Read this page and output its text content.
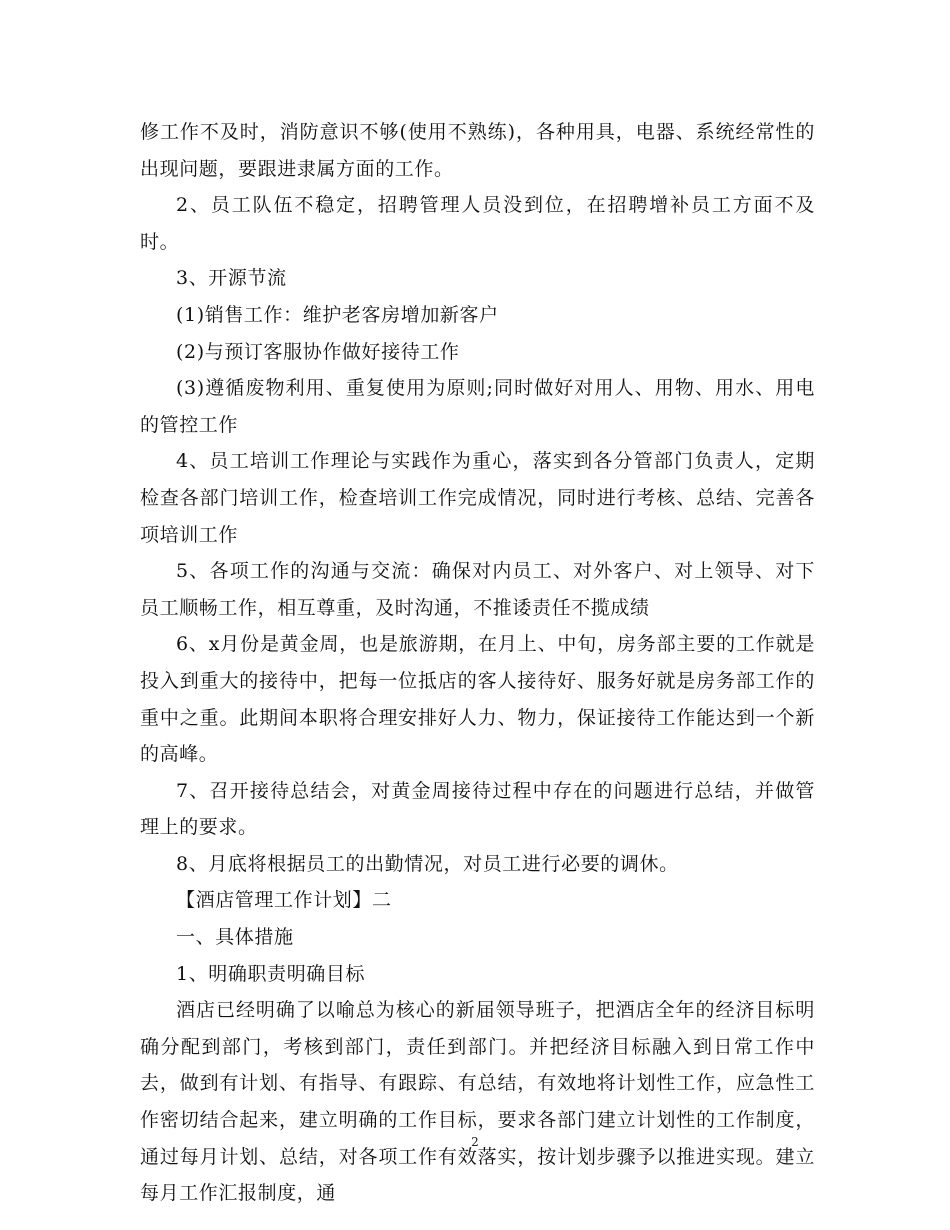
修工作不及时，消防意识不够(使用不熟练)，各种用具，电器、系统经常性的出现问题，要跟进隶属方面的工作。

2、员工队伍不稳定，招聘管理人员没到位，在招聘增补员工方面不及时。

3、开源节流

(1)销售工作：维护老客房增加新客户

(2)与预订客服协作做好接待工作

(3)遵循废物利用、重复使用为原则;同时做好对用人、用物、用水、用电的管控工作

4、员工培训工作理论与实践作为重心，落实到各分管部门负责人，定期检查各部门培训工作，检查培训工作完成情况，同时进行考核、总结、完善各项培训工作

5、各项工作的沟通与交流：确保对内员工、对外客户、对上领导、对下员工顺畅工作，相互尊重，及时沟通，不推诿责任不揽成绩

6、x月份是黄金周，也是旅游期，在月上、中旬，房务部主要的工作就是投入到重大的接待中，把每一位抵店的客人接待好、服务好就是房务部工作的重中之重。此期间本职将合理安排好人力、物力，保证接待工作能达到一个新的高峰。

7、召开接待总结会，对黄金周接待过程中存在的问题进行总结，并做管理上的要求。

8、月底将根据员工的出勤情况，对员工进行必要的调休。

【酒店管理工作计划】二

一、具体措施

1、明确职责明确目标

酒店已经明确了以喻总为核心的新届领导班子，把酒店全年的经济目标明确分配到部门，考核到部门，责任到部门。并把经济目标融入到日常工作中去，做到有计划、有指导、有跟踪、有总结，有效地将计划性工作，应急性工作密切结合起来，建立明确的工作目标，要求各部门建立计划性的工作制度，通过每月计划、总结，对各项工作有效落实，按计划步骤予以推进实现。建立每月工作汇报制度，通

2
